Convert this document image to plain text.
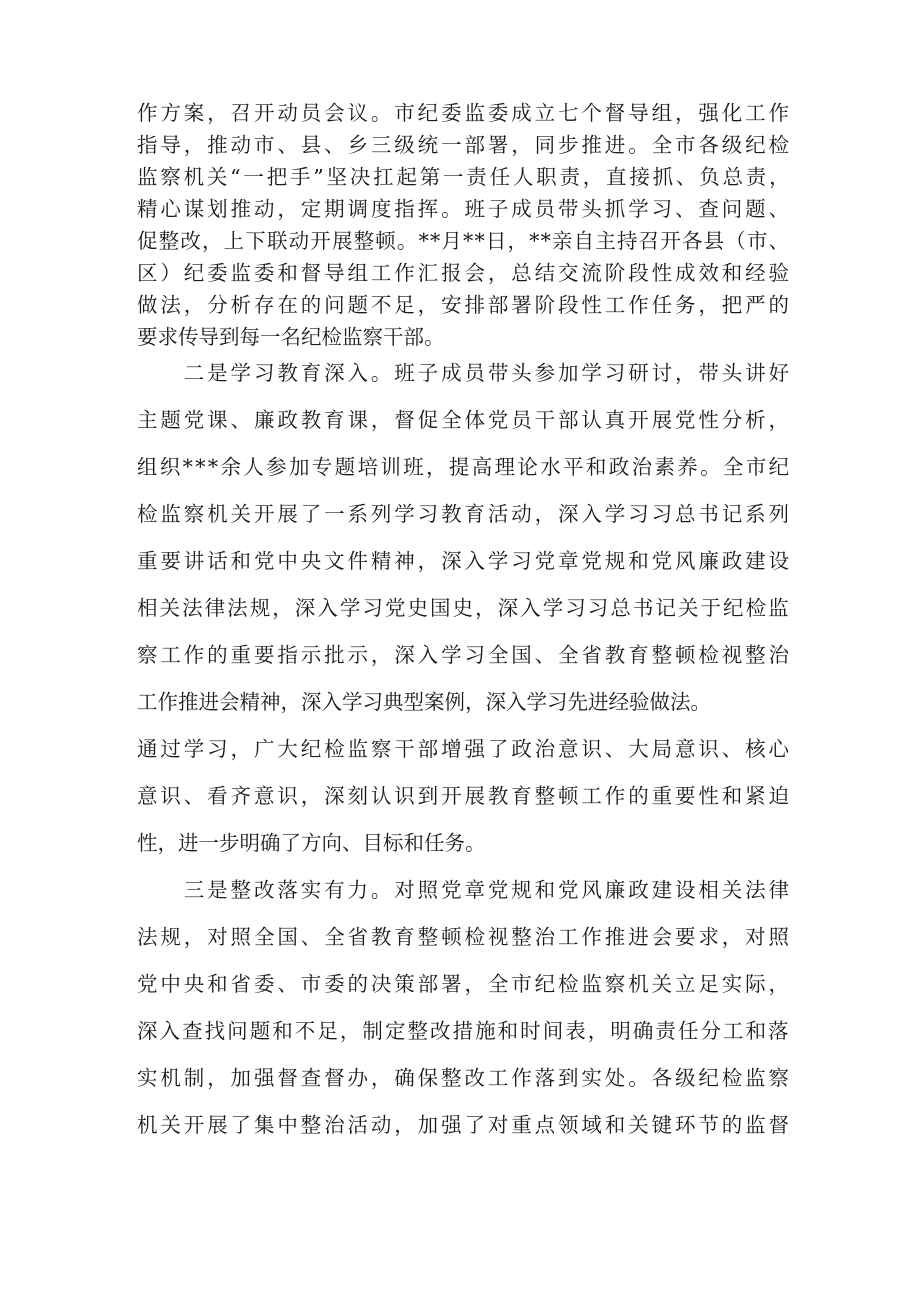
作方案，召开动员会议。市纪委监委成立七个督导组，强化工作
指导，推动市、县、乡三级统一部署，同步推进。全市各级纪检
监察机关“一把手”坚决扛起第一责任人职责，直接抓、负总责，
精心谋划推动，定期调度指挥。班子成员带头抓学习、查问题、
促整改，上下联动开展整顿。**月**日，**亲自主持召开各县（市、
区）纪委监委和督导组工作汇报会，总结交流阶段性成效和经验
做法，分析存在的问题不足，安排部署阶段性工作任务，把严的
要求传导到每一名纪检监察干部。
　　二是学习教育深入。班子成员带头参加学习研讨，带头讲好
主题党课、廉政教育课，督促全体党员干部认真开展党性分析，
组织***余人参加专题培训班，提高理论水平和政治素养。全市纪
检监察机关开展了一系列学习教育活动，深入学习习总书记系列
重要讲话和党中央文件精神，深入学习党章党规和党风廉政建设
相关法律法规，深入学习党史国史，深入学习习总书记关于纪检监
察工作的重要指示批示，深入学习全国、全省教育整顿检视整治
工作推进会精神，深入学习典型案例，深入学习先进经验做法。
通过学习，广大纪检监察干部增强了政治意识、大局意识、核心
意识、看齐意识，深刻认识到开展教育整顿工作的重要性和紧迫
性，进一步明确了方向、目标和任务。
　　三是整改落实有力。对照党章党规和党风廉政建设相关法律
法规，对照全国、全省教育整顿检视整治工作推进会要求，对照
党中央和省委、市委的决策部署，全市纪检监察机关立足实际，
深入查找问题和不足，制定整改措施和时间表，明确责任分工和落
实机制，加强督查督办，确保整改工作落到实处。各级纪检监察
机关开展了集中整治活动，加强了对重点领域和关键环节的监督
